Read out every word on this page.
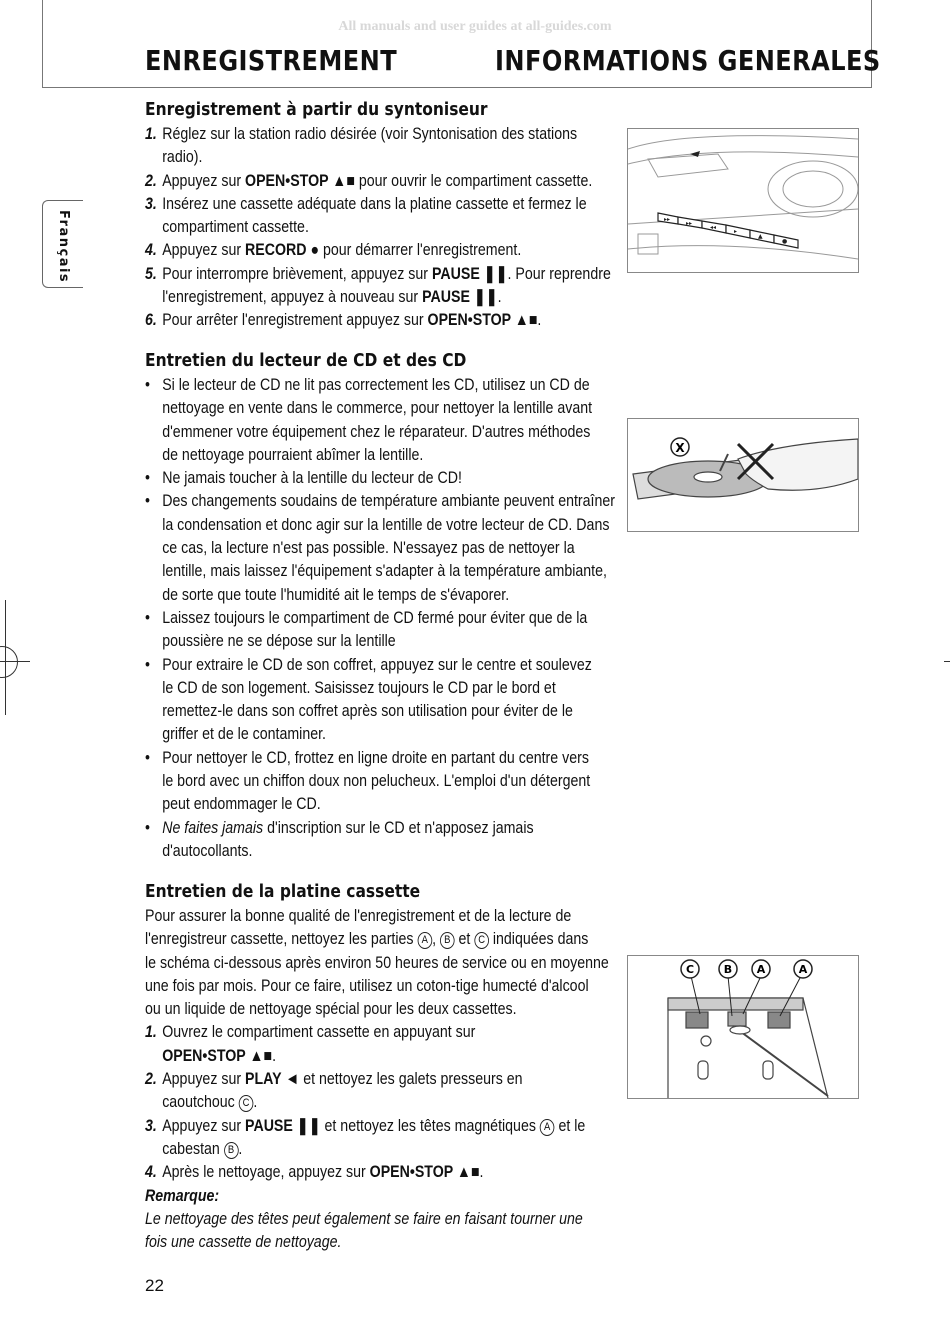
All manuals and user guides at all-guides.com
ENREGISTREMENT	INFORMATIONS GENERALES
Français
Enregistrement à partir du syntoniseur
1. Réglez sur la station radio désirée (voir Syntonisation des stations
radio).
2. Appuyez sur OPEN•STOP ▲■ pour ouvrir le compartiment cassette.
3. Insérez une cassette adéquate dans la platine cassette et fermez le
compartiment cassette.
4. Appuyez sur RECORD ● pour démarrer l'enregistrement.
5. Pour interrompre brièvement, appuyez sur PAUSE ❚❚. Pour reprendre
l'enregistrement, appuyez à nouveau sur PAUSE ❚❚.
6. Pour arrêter l'enregistrement appuyez sur OPEN•STOP ▲■.
Entretien du lecteur de CD et des CD
• Si le lecteur de CD ne lit pas correctement les CD, utilisez un CD de
nettoyage en vente dans le commerce, pour nettoyer la lentille avant
d'emmener votre équipement chez le réparateur. D'autres méthodes
de nettoyage pourraient abîmer la lentille.
• Ne jamais toucher à la lentille du lecteur de CD!
• Des changements soudains de température ambiante peuvent entraîner
la condensation et donc agir sur la lentille de votre lecteur de CD. Dans
ce cas, la lecture n'est pas possible. N'essayez pas de nettoyer la
lentille, mais laissez l'équipement s'adapter à la température ambiante,
de sorte que toute l'humidité ait le temps de s'évaporer.
• Laissez toujours le compartiment de CD fermé pour éviter que de la
poussière ne se dépose sur la lentille
• Pour extraire le CD de son coffret, appuyez sur le centre et soulevez
le CD de son logement. Saisissez toujours le CD par le bord et
remettez-le dans son coffret après son utilisation pour éviter de le
griffer et de le contaminer.
• Pour nettoyer le CD, frottez en ligne droite en partant du centre vers
le bord avec un chiffon doux non pelucheux. L'emploi d'un détergent
peut endommager le CD.
• Ne faites jamais d'inscription sur le CD et n'apposez jamais
d'autocollants.
Entretien de la platine cassette
Pour assurer la bonne qualité de l'enregistrement et de la lecture de
l'enregistreur cassette, nettoyez les parties A , B et C indiquées dans
le schéma ci-dessous après environ 50 heures de service ou en moyenne
une fois par mois. Pour ce faire, utilisez un coton-tige humecté d'alcool
ou un liquide de nettoyage spécial pour les deux cassettes.
1. Ouvrez le compartiment cassette en appuyant sur
OPEN•STOP ▲■.
2. Appuyez sur PLAY ◄ et nettoyez les galets presseurs en
caoutchouc C .
3. Appuyez sur PAUSE ❚❚ et nettoyez les têtes magnétiques A et le
cabestan B .
4. Après le nettoyage, appuyez sur OPEN•STOP ▲■.
Remarque:
Le nettoyage des têtes peut également se faire en faisant tourner une
fois une cassette de nettoyage.
▸▸
▸▸
◂◂
▸
▲
●
X
C	B A	A
22
